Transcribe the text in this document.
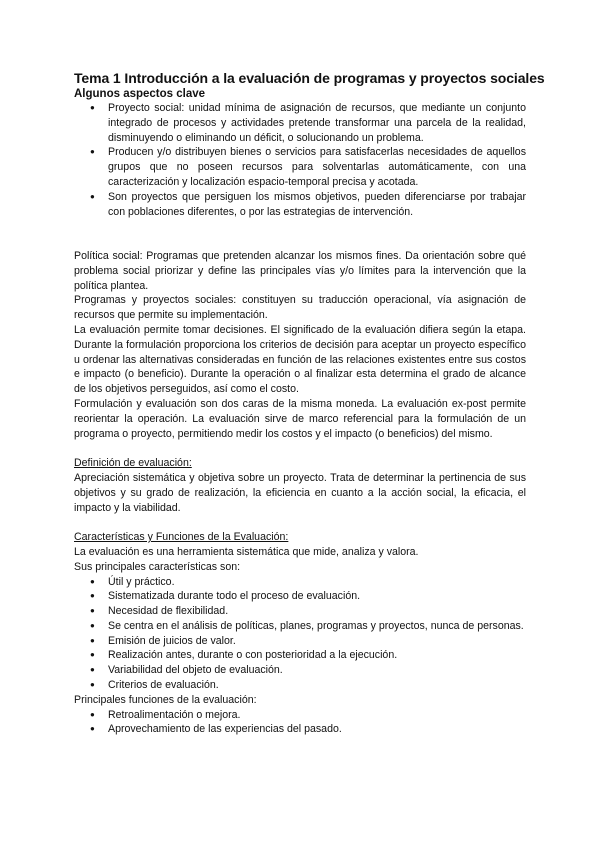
Tema 1 Introducción a la evaluación de programas y proyectos sociales
Algunos aspectos clave
● Proyecto social: unidad mínima de asignación de recursos, que mediante un conjunto integrado de procesos y actividades pretende transformar una parcela de la realidad, disminuyendo o eliminando un déficit, o solucionando un problema.
● Producen y/o distribuyen bienes o servicios para satisfacerlas necesidades de aquellos grupos que no poseen recursos para solventarlas automáticamente, con una caracterización y localización espacio-temporal precisa y acotada.
● Son proyectos que persiguen los mismos objetivos, pueden diferenciarse por trabajar con poblaciones diferentes, o por las estrategias de intervención.

Política social: Programas que pretenden alcanzar los mismos fines. Da orientación sobre qué problema social priorizar y define las principales vías y/o límites para la intervención que la política plantea.

Programas y proyectos sociales: constituyen su traducción operacional, vía asignación de recursos que permite su implementación.

La evaluación permite tomar decisiones. El significado de la evaluación difiera según la etapa. Durante la formulación proporciona los criterios de decisión para aceptar un proyecto específico u ordenar las alternativas consideradas en función de las relaciones existentes entre sus costos e impacto (o beneficio). Durante la operación o al finalizar esta determina el grado de alcance de los objetivos perseguidos, así como el costo.

Formulación y evaluación son dos caras de la misma moneda. La evaluación ex-post permite reorientar la operación. La evaluación sirve de marco referencial para la formulación de un programa o proyecto, permitiendo medir los costos y el impacto (o beneficios) del mismo.

Definición de evaluación:

Apreciación sistemática y objetiva sobre un proyecto. Trata de determinar la pertinencia de sus objetivos y su grado de realización, la eficiencia en cuanto a la acción social, la eficacia, el impacto y la viabilidad.

Características y Funciones de la Evaluación:

La evaluación es una herramienta sistemática que mide, analiza y valora.

Sus principales características son:

● Útil y práctico.
● Sistematizada durante todo el proceso de evaluación.
● Necesidad de flexibilidad.
● Se centra en el análisis de políticas, planes, programas y proyectos, nunca de personas.
● Emisión de juicios de valor.
● Realización antes, durante o con posterioridad a la ejecución.
● Variabilidad del objeto de evaluación.
● Criterios de evaluación.

Principales funciones de la evaluación:

● Retroalimentación o mejora.
● Aprovechamiento de las experiencias del pasado.
